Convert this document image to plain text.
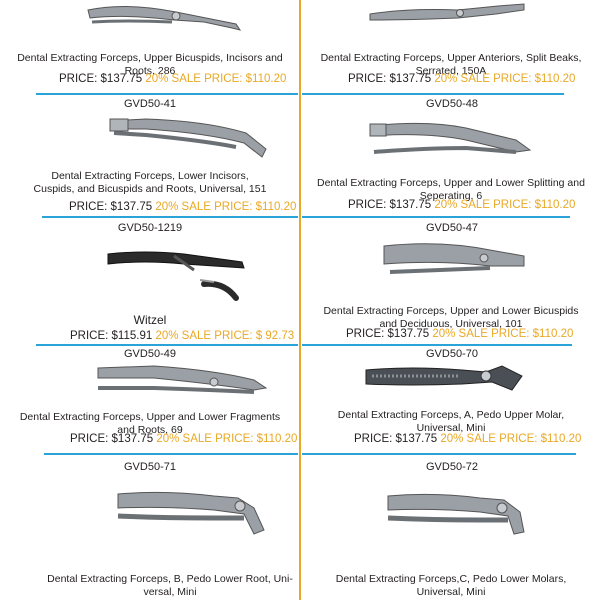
Dental Extracting Forceps, Upper Bicuspids, Incisors and
Roots, 286
PRICE: $137.75 20% SALE PRICE: $110.20
Dental Extracting Forceps, Upper Anteriors, Split Beaks,
Serrated, 150A
PRICE: $137.75 20% SALE PRICE: $110.20
GVD50-41
Dental Extracting Forceps, Lower Incisors,
Cuspids, and Bicuspids and Roots, Universal, 151
PRICE: $137.75 20% SALE PRICE: $110.20
GVD50-48
Dental Extracting Forceps, Upper and Lower Splitting and
Seperating, 6
PRICE: $137.75 20% SALE PRICE: $110.20
GVD50-1219
Witzel
PRICE: $115.91 20% SALE PRICE: $ 92.73
GVD50-47
Dental Extracting Forceps, Upper and Lower Bicuspids
and Deciduous, Universal, 101
PRICE: $137.75 20% SALE PRICE: $110.20
GVD50-49
Dental Extracting Forceps, Upper and Lower Fragments
and Roots, 69
PRICE: $137.75 20% SALE PRICE: $110.20
GVD50-70
Dental Extracting Forceps, A, Pedo Upper Molar,
Universal, Mini
PRICE: $137.75 20% SALE PRICE: $110.20
GVD50-71
Dental Extracting Forceps, B, Pedo Lower Root, Uni-
versal, Mini
GVD50-72
Dental Extracting Forceps,C, Pedo Lower Molars,
Universal, Mini
